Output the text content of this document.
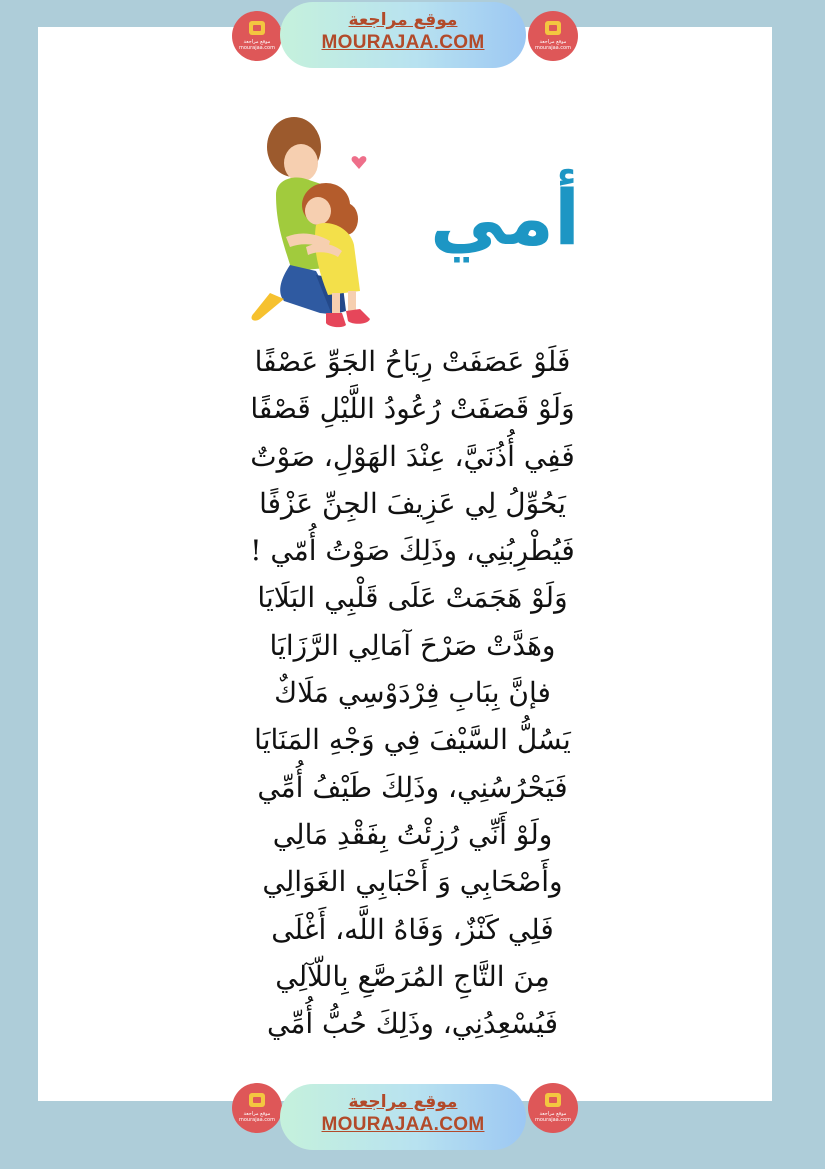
موقع مراجعة mourajaa.com
موقع مراجعة
MOURAJAA.COM	موقع مراجعة mourajaa.com
أمي
فَلَوْ عَصَفَتْ رِيَاحُ الجَوِّ عَصْفًا
وَلَوْ قَصَفَتْ رُعُودُ اللَّيْلِ قَصْفًا
فَفِي أُذُنَيَّ، عِنْدَ الهَوْلِ، صَوْتٌ
يَحُوِّلُ لِي عَزِيفَ الجِنِّ عَزْفًا
فَيُطْرِبُنِي، وذَلِكَ صَوْتُ أُمّي !
وَلَوْ هَجَمَتْ عَلَى قَلْبِي البَلَايَا
وهَدَّتْ صَرْحَ آمَالِي الرَّزَايَا
فإنَّ بِبَابِ فِرْدَوْسِي مَلَاكٌ
يَسُلُّ السَّيْفَ فِي وَجْهِ المَنَايَا
فَيَحْرُسُنِي، وذَلِكَ طَيْفُ أُمِّي
ولَوْ أَنِّي رُزِئْتُ بِفَقْدِ مَالِي
وأَصْحَابِي وَ أَحْبَابِي الغَوَالِي
فَلِي كَنْزٌ، وَفَاهُ اللَّه، أَغْلَى
مِنَ التَّاجِ المُرَصَّعِ بِاللّآلِي
فَيُسْعِدُنِي، وذَلِكَ حُبُّ أُمِّي
موقع مراجعة mourajaa.com
موقع مراجعة
MOURAJAA.COM	موقع مراجعة mourajaa.com
